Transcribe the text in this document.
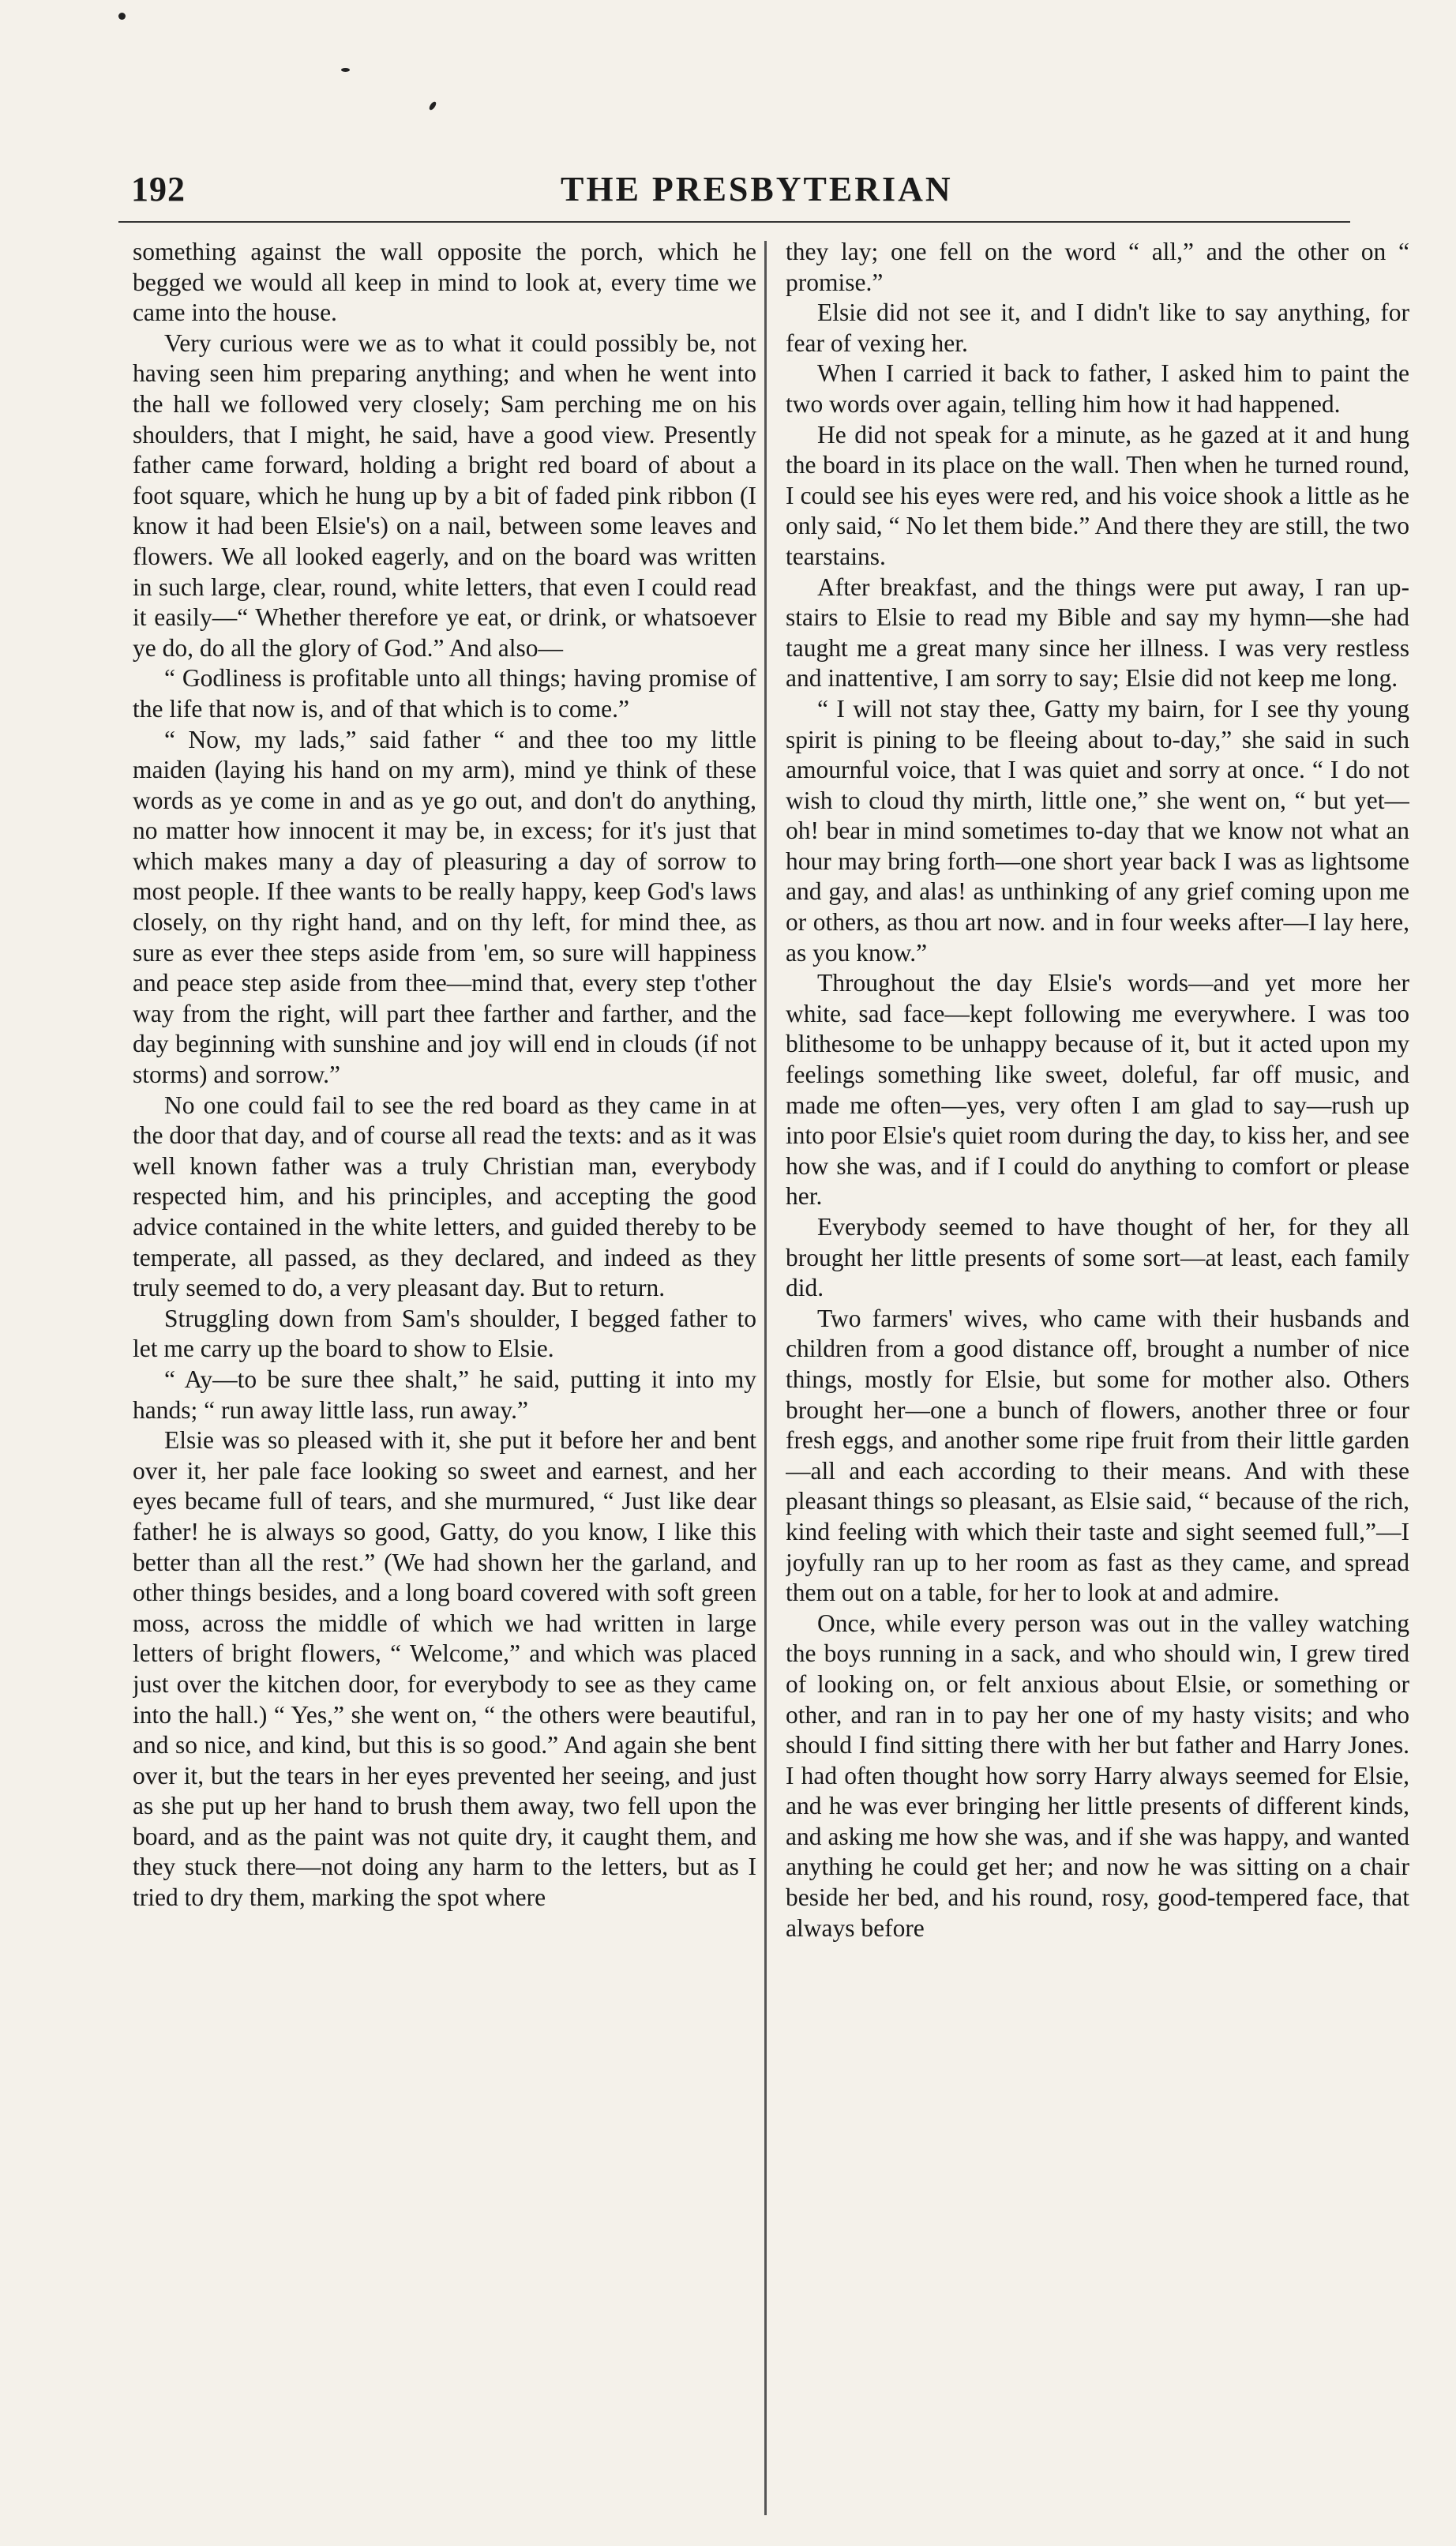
192	THE PRESBYTERIAN

something against the wall opposite the porch, which he begged we would all keep in mind to look at, every time we came into the house.

Very curious were we as to what it could possibly be, not having seen him preparing anything; and when he went into the hall we followed very closely; Sam perching me on his shoulders, that I might, he said, have a good view. Presently father came forward, holding a bright red board of about a foot square, which he hung up by a bit of faded pink ribbon (I know it had been Elsie's) on a nail, between some leaves and flowers. We all looked eagerly, and on the board was written in such large, clear, round, white letters, that even I could read it easily—“ Whether therefore ye eat, or drink, or whatsoever ye do, do all the glory of God.” And also—

“ Godliness is profitable unto all things; having promise of the life that now is, and of that which is to come.”

“ Now, my lads,” said father “ and thee too my little maiden (laying his hand on my arm), mind ye think of these words as ye come in and as ye go out, and don't do anything, no matter how innocent it may be, in excess; for it's just that which makes many a day of pleasuring a day of sorrow to most people. If thee wants to be really happy, keep God's laws closely, on thy right hand, and on thy left, for mind thee, as sure as ever thee steps aside from 'em, so sure will happiness and peace step aside from thee—mind that, every step t'other way from the right, will part thee farther and farther, and the day beginning with sunshine and joy will end in clouds (if not storms) and sorrow.”

No one could fail to see the red board as they came in at the door that day, and of course all read the texts: and as it was well known father was a truly Christian man, everybody respected him, and his principles, and accepting the good advice contained in the white letters, and guided thereby to be temperate, all passed, as they declared, and indeed as they truly seemed to do, a very pleasant day. But to return.

Struggling down from Sam's shoulder, I begged father to let me carry up the board to show to Elsie.

“ Ay—to be sure thee shalt,” he said, putting it into my hands; “ run away little lass, run away.”

Elsie was so pleased with it, she put it before her and bent over it, her pale face looking so sweet and earnest, and her eyes became full of tears, and she murmured, “ Just like dear father! he is always so good, Gatty, do you know, I like this better than all the rest.” (We had shown her the garland, and other things besides, and a long board covered with soft green moss, across the middle of which we had written in large letters of bright flowers, “ Welcome,” and which was placed just over the kitchen door, for everybody to see as they came into the hall.) “ Yes,” she went on, “ the others were beautiful, and so nice, and kind, but this is so good.” And again she bent over it, but the tears in her eyes prevented her seeing, and just as she put up her hand to brush them away, two fell upon the board, and as the paint was not quite dry, it caught them, and they stuck there—not doing any harm to the letters, but as I tried to dry them, marking the spot where

they lay; one fell on the word “ all,” and the other on “ promise.”

Elsie did not see it, and I didn't like to say anything, for fear of vexing her.

When I carried it back to father, I asked him to paint the two words over again, telling him how it had happened.

He did not speak for a minute, as he gazed at it and hung the board in its place on the wall. Then when he turned round, I could see his eyes were red, and his voice shook a little as he only said, “ No let them bide.” And there they are still, the two tearstains.

After breakfast, and the things were put away, I ran up-stairs to Elsie to read my Bible and say my hymn—she had taught me a great many since her illness. I was very restless and inattentive, I am sorry to say; Elsie did not keep me long.

“ I will not stay thee, Gatty my bairn, for I see thy young spirit is pining to be fleeing about to-day,” she said in such amournful voice, that I was quiet and sorry at once. “ I do not wish to cloud thy mirth, little one,” she went on, “ but yet—oh! bear in mind sometimes to-day that we know not what an hour may bring forth—one short year back I was as lightsome and gay, and alas! as unthinking of any grief coming upon me or others, as thou art now. and in four weeks after—I lay here, as you know.”

Throughout the day Elsie's words—and yet more her white, sad face—kept following me everywhere. I was too blithesome to be unhappy because of it, but it acted upon my feelings something like sweet, doleful, far off music, and made me often—yes, very often I am glad to say—rush up into poor Elsie's quiet room during the day, to kiss her, and see how she was, and if I could do anything to comfort or please her.

Everybody seemed to have thought of her, for they all brought her little presents of some sort—at least, each family did.

Two farmers' wives, who came with their husbands and children from a good distance off, brought a number of nice things, mostly for Elsie, but some for mother also. Others brought her—one a bunch of flowers, another three or four fresh eggs, and another some ripe fruit from their little garden—all and each according to their means. And with these pleasant things so pleasant, as Elsie said, “ because of the rich, kind feeling with which their taste and sight seemed full,”—I joyfully ran up to her room as fast as they came, and spread them out on a table, for her to look at and admire.

Once, while every person was out in the valley watching the boys running in a sack, and who should win, I grew tired of looking on, or felt anxious about Elsie, or something or other, and ran in to pay her one of my hasty visits; and who should I find sitting there with her but father and Harry Jones. I had often thought how sorry Harry always seemed for Elsie, and he was ever bringing her little presents of different kinds, and asking me how she was, and if she was happy, and wanted anything he could get her; and now he was sitting on a chair beside her bed, and his round, rosy, good-tempered face, that always before
